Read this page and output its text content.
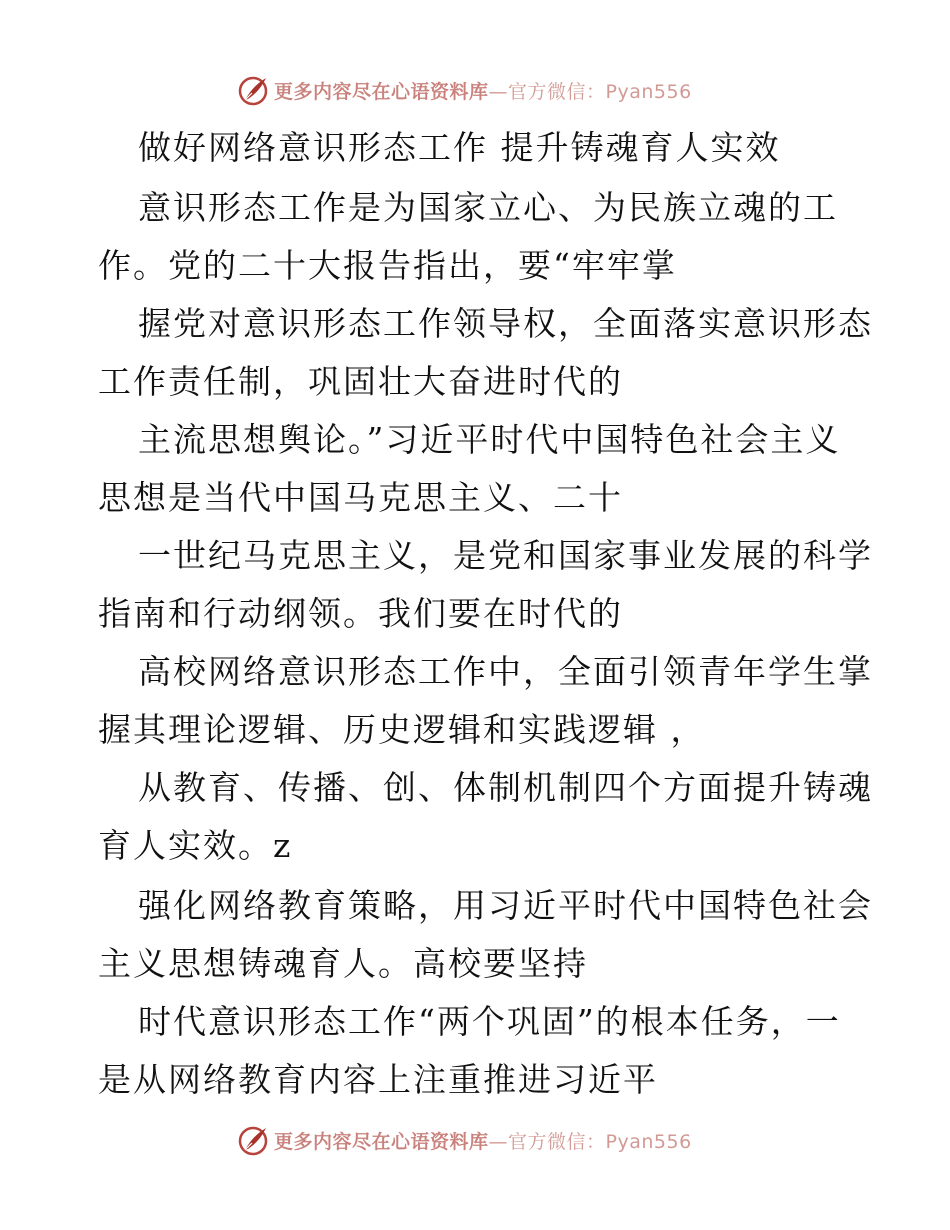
更多内容尽在心语资料库—官方微信：Pyan556
做好网络意识形态工作 提升铸魂育人实效
意识形态工作是为国家立心、为民族立魂的工
作。党的二十大报告指出，要“牢牢掌
握党对意识形态工作领导权，全面落实意识形态
工作责任制，巩固壮大奋进时代的
主流思想舆论。”习近平时代中国特色社会主义
思想是当代中国马克思主义、二十
一世纪马克思主义，是党和国家事业发展的科学
指南和行动纲领。我们要在时代的
高校网络意识形态工作中，全面引领青年学生掌
握其理论逻辑、历史逻辑和实践逻辑 ，
从教育、传播、创、体制机制四个方面提升铸魂
育人实效。z
强化网络教育策略，用习近平时代中国特色社会
主义思想铸魂育人。高校要坚持
时代意识形态工作“两个巩固”的根本任务，一
是从网络教育内容上注重推进习近平
更多内容尽在心语资料库—官方微信：Pyan556
